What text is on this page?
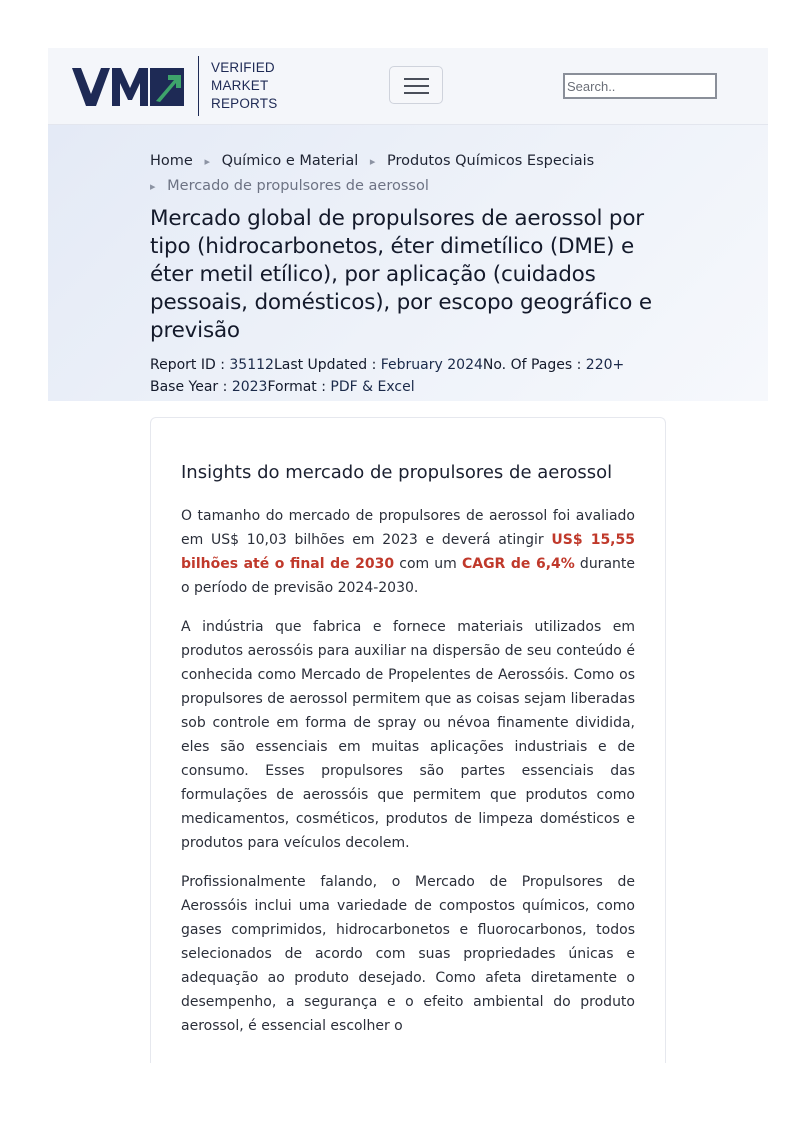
VERIFIED
MARKET
REPORTS
Search..
Home ▸ Químico e Material ▸ Produtos Químicos Especiais
▸ Mercado de propulsores de aerossol
Mercado global de propulsores de aerossol por tipo (hidrocarbonetos, éter dimetílico (DME) e éter metil etílico), por aplicação (cuidados pessoais, domésticos), por escopo geográfico e previsão
Report ID : 35112Last Updated : February 2024No. Of Pages : 220+
Base Year : 2023Format : PDF & Excel
Insights do mercado de propulsores de aerossol

O tamanho do mercado de propulsores de aerossol foi avaliado em US$ 10,03 bilhões em 2023 e deverá atingir US$ 15,55 bilhões até o final de 2030 com um CAGR de 6,4% durante o período de previsão 2024-2030.

A indústria que fabrica e fornece materiais utilizados em produtos aerossóis para auxiliar na dispersão de seu conteúdo é conhecida como Mercado de Propelentes de Aerossóis. Como os propulsores de aerossol permitem que as coisas sejam liberadas sob controle em forma de spray ou névoa finamente dividida, eles são essenciais em muitas aplicações industriais e de consumo. Esses propulsores são partes essenciais das formulações de aerossóis que permitem que produtos como medicamentos, cosméticos, produtos de limpeza domésticos e produtos para veículos decolem.

Profissionalmente falando, o Mercado de Propulsores de Aerossóis inclui uma variedade de compostos químicos, como gases comprimidos, hidrocarbonetos e fluorocarbonos, todos selecionados de acordo com suas propriedades únicas e adequação ao produto desejado. Como afeta diretamente o desempenho, a segurança e o efeito ambiental do produto aerossol, é essencial escolher o
